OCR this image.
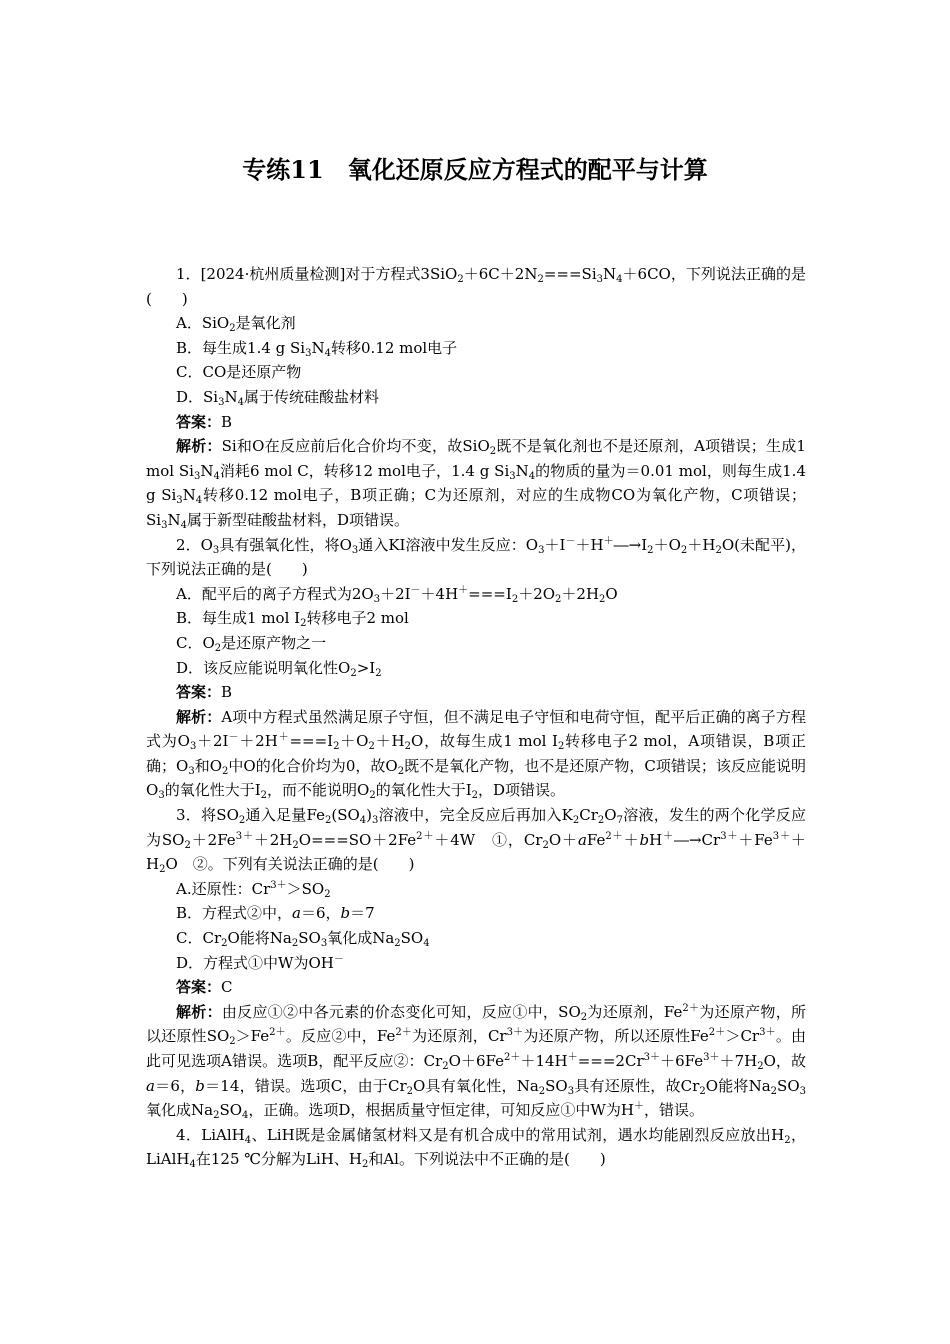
专练11　氧化还原反应方程式的配平与计算

1．[2024·杭州质量检测]对于方程式$3SiO_2+6C+2N_2===Si_3N_4+6CO$，下列说法正确的是(　　)

A．SiO$_2$是氧化剂

B．每生成1.4 g $Si_3N_4$转移0.12 mol电子

C．CO是还原产物

D．$Si_3N_4$属于传统硅酸盐材料

答案：B

解析：Si和O在反应前后化合价均不变，故SiO$_2$既不是氧化剂也不是还原剂，A项错误；生成1 mol $Si_3N_4$消耗6 mol C，转移12 mol电子，1.4 g $Si_3N_4$的物质的量为＝0.01 mol，则每生成1.4 g $Si_3N_4$转移0.12 mol电子，B项正确；C为还原剂，对应的生成物CO为氧化产物，C项错误；$Si_3N_4$属于新型硅酸盐材料，D项错误。

2．$O_3$具有强氧化性，将$O_3$通入KI溶液中发生反应：$O_3+I^-+H^+―\to I_2+O_2+H_2O$(未配平)，下列说法正确的是(　　)

A．配平后的离子方程式为$2O_3+2I^-+4H^+===I_2+2O_2+2H_2O$

B．每生成1 mol $I_2$转移电子2 mol

C．$O_2$是还原产物之一

D．该反应能说明氧化性$O_2>I_2$

答案：B

解析：A项中方程式虽然满足原子守恒，但不满足电子守恒和电荷守恒，配平后正确的离子方程式为$O_3+2I^-+2H^+===I_2+O_2+H_2O$，故每生成1 mol $I_2$转移电子2 mol，A项错误，B项正确；$O_3$和$O_2$中O的化合价均为0，故$O_2$既不是氧化产物，也不是还原产物，C项错误；该反应能说明$O_3$的氧化性大于$I_2$，而不能说明$O_2$的氧化性大于$I_2$，D项错误。

3．将$SO_2$通入足量$Fe_2(SO_4)_3$溶液中，完全反应后再加入$K_2Cr_2O_7$溶液，发生的两个化学反应为$SO_2+2Fe^{3+}+2H_2O===SO+2Fe^{2+}+4W$　①，$Cr_2O+aFe^{2+}+bH^+―\to Cr^{3+}+Fe^{3+}+H_2O$　②。下列有关说法正确的是(　　)

A.还原性：$Cr^{3+}>SO_2$

B．方程式②中，a＝6，b＝7

C．$Cr_2O$能将$Na_2SO_3$氧化成$Na_2SO_4$

D．方程式①中W为OH－

答案：C

解析：由反应①②中各元素的价态变化可知，反应①中，$SO_2$为还原剂，$Fe^{2+}$为还原产物，所以还原性$SO_2>Fe^{2+}$。反应②中，$Fe^{2+}$为还原剂，$Cr^{3+}$为还原产物，所以还原性$Fe^{2+}>Cr^{3+}$。由此可见选项A错误。选项B，配平反应②：$Cr_2O+6Fe^{2+}+14H^+===2Cr^{3+}+6Fe^{3+}+7H_2O$，故a＝6，b＝14，错误。选项C，由于$Cr_2O$具有氧化性，$Na_2SO_3$具有还原性，故$Cr_2O$能将$Na_2SO_3$氧化成$Na_2SO_4$，正确。选项D，根据质量守恒定律，可知反应①中W为H＋，错误。

4．LiAlH$_4$、LiH既是金属储氢材料又是有机合成中的常用试剂，遇水均能剧烈反应放出$H_2$，LiAlH$_4$在125 ℃分解为LiH、$H_2$和Al。下列说法中不正确的是(　　)
